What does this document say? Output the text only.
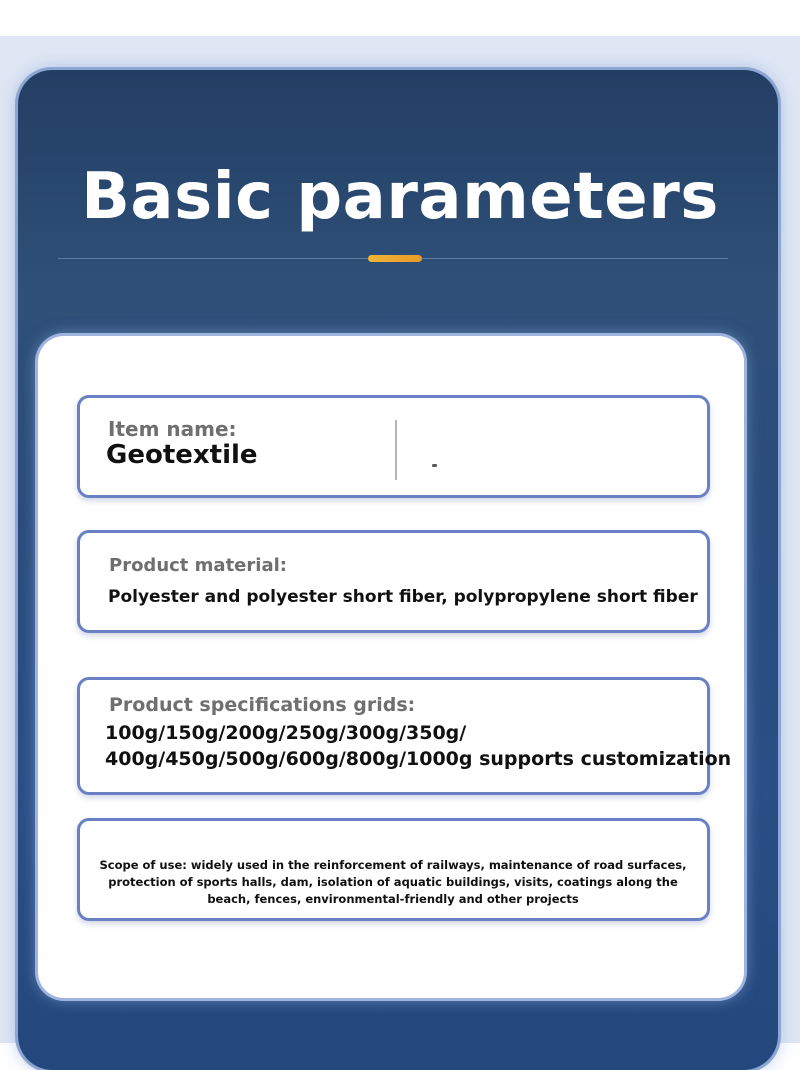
Basic parameters
Item name:
Geotextile
Product material:
Polyester and polyester short fiber, polypropylene short fiber
Product specifications grids:
100g/150g/200g/250g/300g/350g/
400g/450g/500g/600g/800g/1000g supports customization
Scope of use: widely used in the reinforcement of railways, maintenance of road surfaces, protection of sports halls, dam, isolation of aquatic buildings, visits, coatings along the beach, fences, environmental-friendly and other projects
